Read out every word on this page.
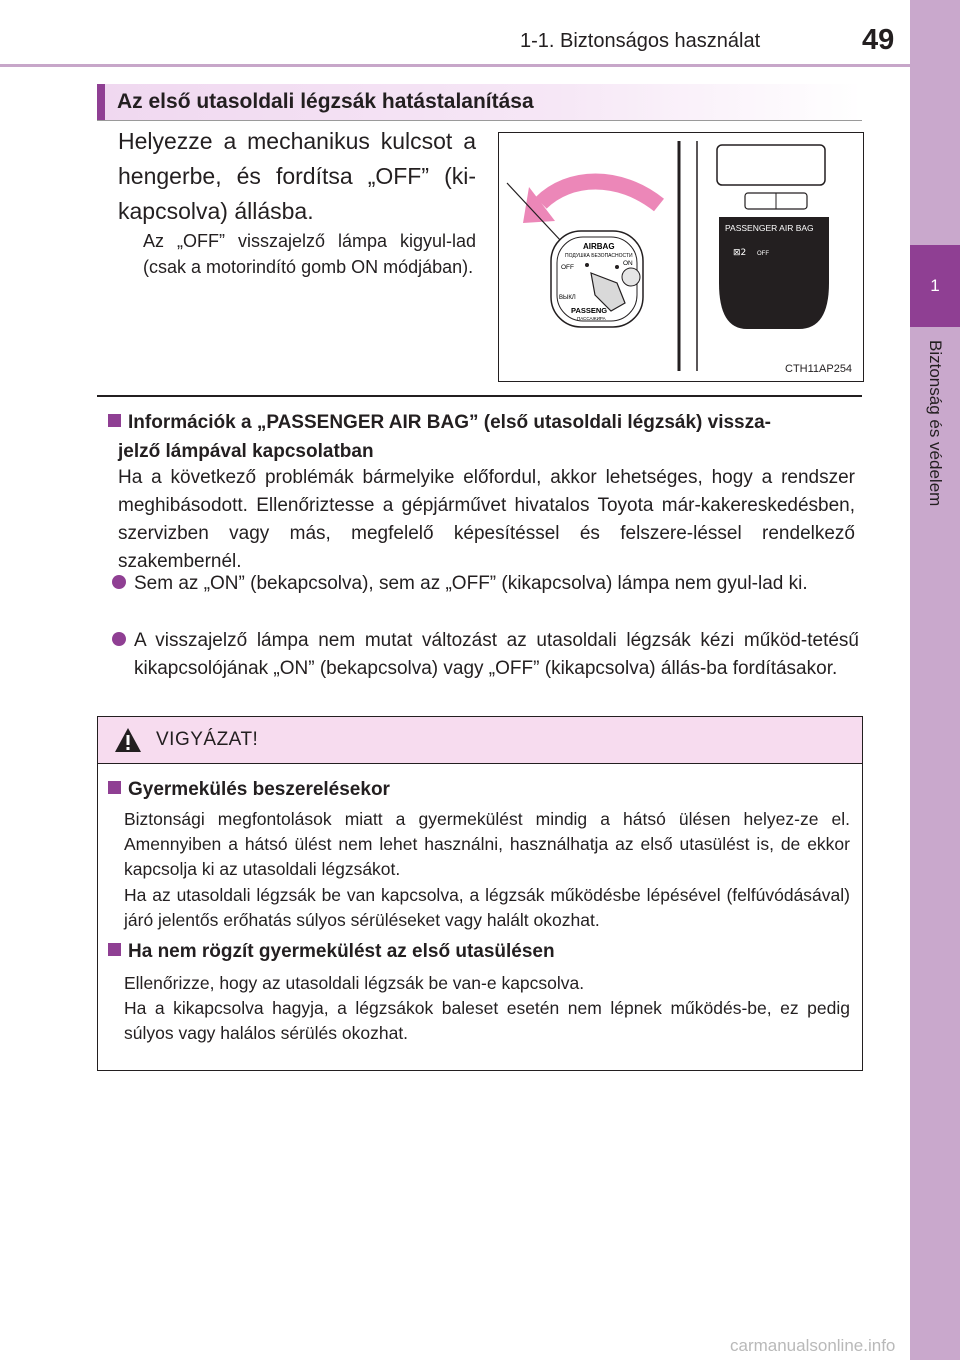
1-1. Biztonságos használat	49
1
Biztonság és védelem
Az első utasoldali légzsák hatástalanítása
Helyezze a mechanikus kulcsot a hengerbe, és fordítsa „OFF” (ki-kapcsolva) állásba.
Az „OFF” visszajelző lámpa kigyul-lad (csak a motorindító gomb ON módjában).
AIRBAG
ПОДУШКА БЕЗОПАСНОСТИ
OFF
ON
ВЫКЛ
PASSENG
ПАССАЖИРА
PASSENGER AIR BAG
⊠2 OFF
CTH11AP254
Információk a „PASSENGER AIR BAG” (első utasoldali légzsák) vissza-
jelző lámpával kapcsolatban
Ha a következő problémák bármelyike előfordul, akkor lehetséges, hogy a rendszer meghibásodott. Ellenőriztesse a gépjárművet hivatalos Toyota már-kakereskedésben, szervizben vagy más, megfelelő képesítéssel és felszere-léssel rendelkező szakembernél.
Sem az „ON” (bekapcsolva), sem az „OFF” (kikapcsolva) lámpa nem gyul-lad ki.
A visszajelző lámpa nem mutat változást az utasoldali légzsák kézi működ-tetésű kikapcsolójának „ON” (bekapcsolva) vagy „OFF” (kikapcsolva) állás-ba fordításakor.
VIGYÁZAT!
Gyermekülés beszerelésekor
Biztonsági megfontolások miatt a gyermekülést mindig a hátsó ülésen helyez-ze el. Amennyiben a hátsó ülést nem lehet használni, használhatja az első utasülést is, de ekkor kapcsolja ki az utasoldali légzsákot.
Ha az utasoldali légzsák be van kapcsolva, a légzsák működésbe lépésével (felfúvódásával) járó jelentős erőhatás súlyos sérüléseket vagy halált okozhat.
Ha nem rögzít gyermekülést az első utasülésen
Ellenőrizze, hogy az utasoldali légzsák be van-e kapcsolva.
Ha a kikapcsolva hagyja, a légzsákok baleset esetén nem lépnek működés-be, ez pedig súlyos vagy halálos sérülés okozhat.
carmanualsonline.info
